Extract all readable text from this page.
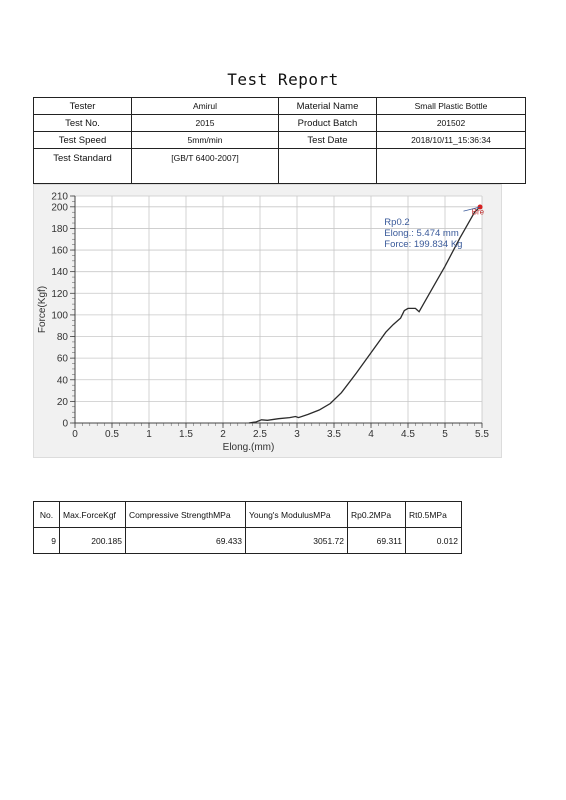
Test Report
Tester	Amirul	Material Name	Small Plastic Bottle
Test No.	2015	Product Batch	201502
Test Speed	5mm/min	Test Date	2018/10/11_15:36:34
Test Standard	[GB/T 6400-2007]		
0	0.5	1	1.5	2	2.5	3	3.5	4	4.5	5	5.5
0
20
40
60
80
100
120
140
160
180
200
210
Elong.(mm)
Force(Kgf)
Rp0.2
Elong.: 5.474 mm
Force: 199.834 Kg
Bre
No.	Max.ForceKgf	Compressive StrengthMPa	Young's ModulusMPa	Rp0.2MPa	Rt0.5MPa
9	200.185	69.433	3051.72	69.311	0.012
